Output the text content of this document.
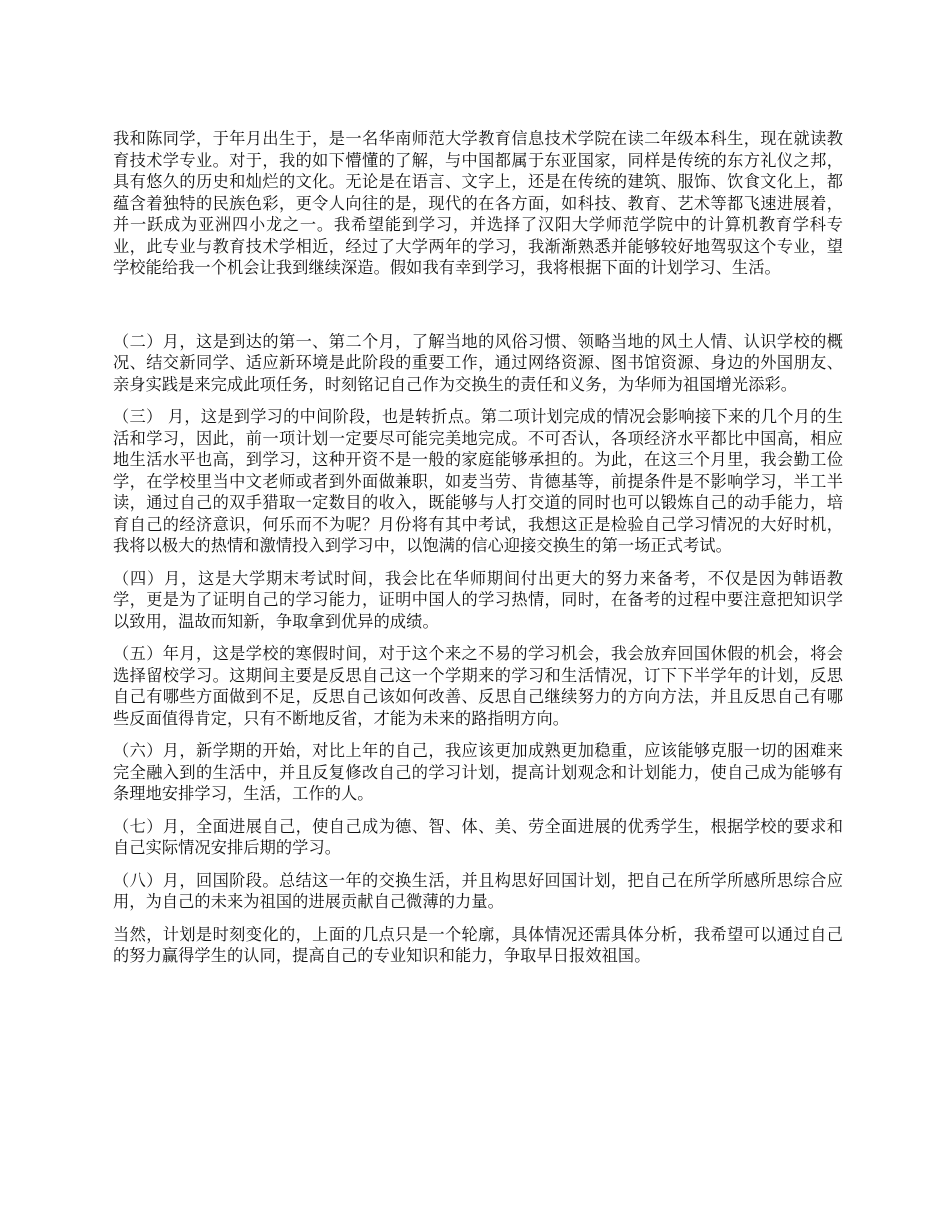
我和陈同学，于年月出生于，是一名华南师范大学教育信息技术学院在读二年级本科生，现在就读教育技术学专业。对于，我的如下懵懂的了解，与中国都属于东亚国家，同样是传统的东方礼仪之邦，具有悠久的历史和灿烂的文化。无论是在语言、文字上，还是在传统的建筑、服饰、饮食文化上，都蕴含着独特的民族色彩，更令人向往的是，现代的在各方面，如科技、教育、艺术等都飞速进展着，并一跃成为亚洲四小龙之一。我希望能到学习，并选择了汉阳大学师范学院中的计算机教育学科专业，此专业与教育技术学相近，经过了大学两年的学习，我渐渐熟悉并能够较好地驾驭这个专业，望学校能给我一个机会让我到继续深造。假如我有幸到学习，我将根据下面的计划学习、生活。

（二）月，这是到达的第一、第二个月，了解当地的风俗习惯、领略当地的风土人情、认识学校的概况、结交新同学、适应新环境是此阶段的重要工作，通过网络资源、图书馆资源、身边的外国朋友、亲身实践是来完成此项任务，时刻铭记自己作为交换生的责任和义务，为华师为祖国增光添彩。

（三） 月，这是到学习的中间阶段，也是转折点。第二项计划完成的情况会影响接下来的几个月的生活和学习，因此，前一项计划一定要尽可能完美地完成。不可否认，各项经济水平都比中国高，相应地生活水平也高，到学习，这种开资不是一般的家庭能够承担的。为此，在这三个月里，我会勤工俭学，在学校里当中文老师或者到外面做兼职，如麦当劳、肯德基等，前提条件是不影响学习，半工半读，通过自己的双手猎取一定数目的收入，既能够与人打交道的同时也可以锻炼自己的动手能力，培育自己的经济意识，何乐而不为呢？月份将有其中考试，我想这正是检验自己学习情况的大好时机，我将以极大的热情和激情投入到学习中，以饱满的信心迎接交换生的第一场正式考试。

（四）月，这是大学期末考试时间，我会比在华师期间付出更大的努力来备考，不仅是因为韩语教学，更是为了证明自己的学习能力，证明中国人的学习热情，同时，在备考的过程中要注意把知识学以致用，温故而知新，争取拿到优异的成绩。

（五）年月，这是学校的寒假时间，对于这个来之不易的学习机会，我会放弃回国休假的机会，将会选择留校学习。这期间主要是反思自己这一个学期来的学习和生活情况，订下下半学年的计划，反思自己有哪些方面做到不足，反思自己该如何改善、反思自己继续努力的方向方法，并且反思自己有哪些反面值得肯定，只有不断地反省，才能为未来的路指明方向。

（六）月，新学期的开始，对比上年的自己，我应该更加成熟更加稳重，应该能够克服一切的困难来完全融入到的生活中，并且反复修改自己的学习计划，提高计划观念和计划能力，使自己成为能够有条理地安排学习，生活，工作的人。

（七）月，全面进展自己，使自己成为德、智、体、美、劳全面进展的优秀学生，根据学校的要求和自己实际情况安排后期的学习。

（八）月，回国阶段。总结这一年的交换生活，并且构思好回国计划，把自己在所学所感所思综合应用，为自己的未来为祖国的进展贡献自己微薄的力量。

当然，计划是时刻变化的，上面的几点只是一个轮廓，具体情况还需具体分析，我希望可以通过自己的努力赢得学生的认同，提高自己的专业知识和能力，争取早日报效祖国。
